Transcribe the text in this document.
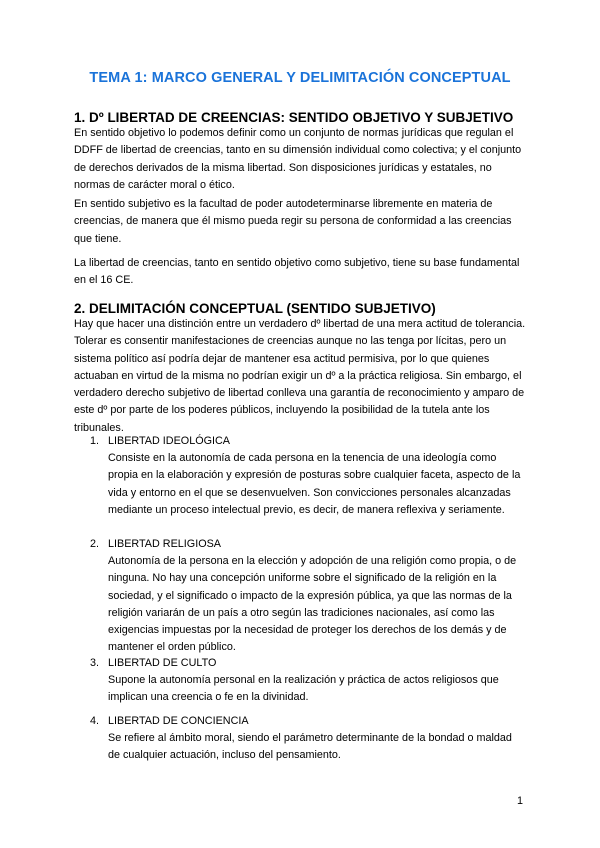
TEMA 1: MARCO GENERAL Y DELIMITACIÓN CONCEPTUAL
1. Dº LIBERTAD DE CREENCIAS: SENTIDO OBJETIVO Y SUBJETIVO

En sentido objetivo lo podemos definir como un conjunto de normas jurídicas que regulan el DDFF de libertad de creencias, tanto en su dimensión individual como colectiva; y el conjunto de derechos derivados de la misma libertad. Son disposiciones jurídicas y estatales, no normas de carácter moral o ético.

En sentido subjetivo es la facultad de poder autodeterminarse libremente en materia de creencias, de manera que él mismo pueda regir su persona de conformidad a las creencias que tiene.

La libertad de creencias, tanto en sentido objetivo como subjetivo, tiene su base fundamental en el 16 CE.

2. DELIMITACIÓN CONCEPTUAL (SENTIDO SUBJETIVO)

Hay que hacer una distinción entre un verdadero dº libertad de una mera actitud de tolerancia. Tolerar es consentir manifestaciones de creencias aunque no las tenga por lícitas, pero un sistema político así podría dejar de mantener esa actitud permisiva, por lo que quienes actuaban en virtud de la misma no podrían exigir un dº a la práctica religiosa. Sin embargo, el verdadero derecho subjetivo de libertad conlleva una garantía de reconocimiento y amparo de este dº por parte de los poderes públicos, incluyendo la posibilidad de la tutela ante los tribunales.

1. LIBERTAD IDEOLÓGICA

Consiste en la autonomía de cada persona en la tenencia de una ideología como propia en la elaboración y expresión de posturas sobre cualquier faceta, aspecto de la vida y entorno en el que se desenvuelven. Son convicciones personales alcanzadas mediante un proceso intelectual previo, es decir, de manera reflexiva y seriamente.

2. LIBERTAD RELIGIOSA

Autonomía de la persona en la elección y adopción de una religión como propia, o de ninguna. No hay una concepción uniforme sobre el significado de la religión en la sociedad, y el significado o impacto de la expresión pública, ya que las normas de la religión variarán de un país a otro según las tradiciones nacionales, así como las exigencias impuestas por la necesidad de proteger los derechos de los demás y de mantener el orden público.

3. LIBERTAD DE CULTO

Supone la autonomía personal en la realización y práctica de actos religiosos que implican una creencia o fe en la divinidad.

4. LIBERTAD DE CONCIENCIA

Se refiere al ámbito moral, siendo el parámetro determinante de la bondad o maldad de cualquier actuación, incluso del pensamiento.

1
